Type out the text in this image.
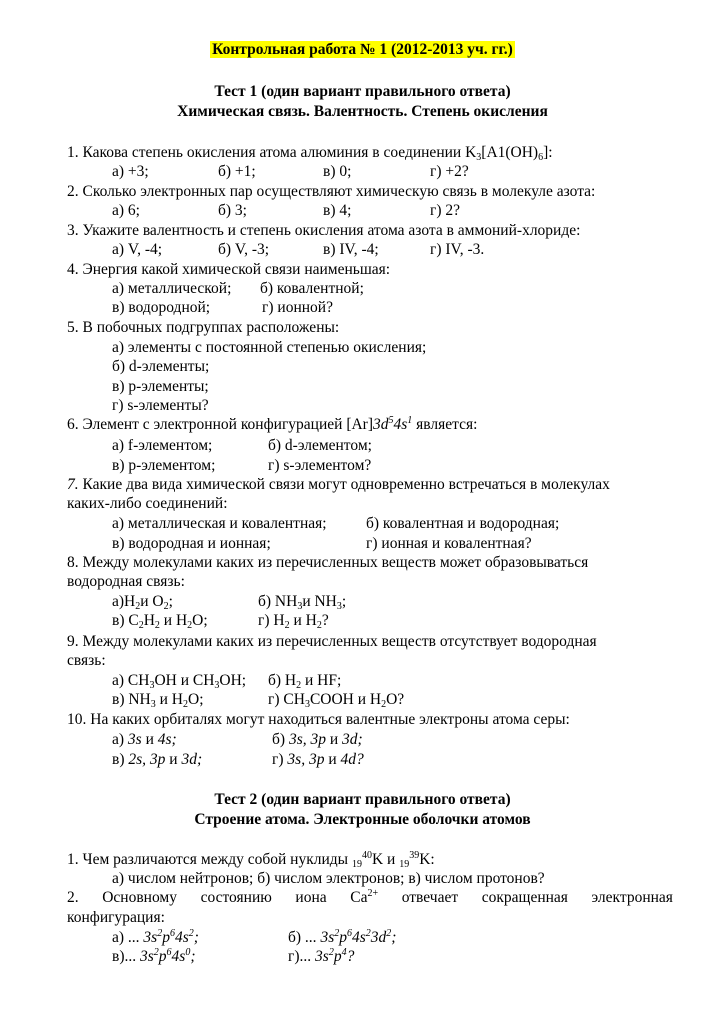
Контрольная работа № 1 (2012-2013 уч. гг.)
Тест 1 (один вариант правильного ответа)
Химическая связь. Валентность. Степень окисления
1. Какова степень окисления атома алюминия в соединении $K_3[A1(OH)_6]$:
а) +3;	б) +1;	в) 0;	г) +2?
2. Сколько электронных пар осуществляют химическую связь в молекуле азота:
а) 6;	б) 3;	в) 4;	г) 2?
3. Укажите валентность и степень окисления атома азота в аммоний-хлориде:
а) V, -4;	б) V, -3;	в) IV, -4;	г) IV, -3.
4. Энергия какой химической связи наименьшая:
а) металлической; б) ковалентной;
в) водородной;	г) ионной?
5. В побочных подгруппах расположены:
а) элементы с постоянной степенью окисления;
б) d-элементы;
в) p-элементы;
г) s-элементы?
6. Элемент с электронной конфигурацией $[Ar]3d^54s^1$ является:
а) f-элементом;	б) d-элементом;
в) p-элементом;	г) s-элементом?
7. Какие два вида химической связи могут одновременно встречаться в молекулах
каких-либо соединений:
а) металлическая и ковалентная;	б) ковалентная и водородная;
в) водородная и ионная;	г) ионная и ковалентная?
8. Между молекулами каких из перечисленных веществ может образовываться
водородная связь:
$а)H_2и$ $O_2$;	б) $NH_3и$ $NH_3$;
в) $C_2H_2$ и $H_2O$;	г) $H_2$ и $H_2$?
9. Между молекулами каких из перечисленных веществ отсутствует водородная
связь:
а) $CH_3OH$ и $CH_3OH$; б) $H_2$ и HF;
в) $NH_3$ и $H_2O$;	г) $CH_3COOH$ и $H_2O$?
10. На каких орбиталях могут находиться валентные электроны атома серы:
а) 3s и 4s;	б) 3s, 3p и 3d;
в) 2s, 3p и 3d;	г) 3s, 3p и 4d?
Тест 2 (один вариант правильного ответа)
Строение атома. Электронные оболочки атомов
1. Чем различаются между собой нуклиды $_{19}^{40}$K и $_{19}^{39}$K:
а) числом нейтронов; б) числом электронов; в) числом протонов?
2. Основному состоянию иона $Ca^{2+}$ отвечает сокращенная электронная
конфигурация:
а) ... $3s^2p^64s^2$;	б) ... $3s^2p^64s^23d^2$;
в)... $3s^2p^64s^0$;	г)... $3s^2p^4$?
